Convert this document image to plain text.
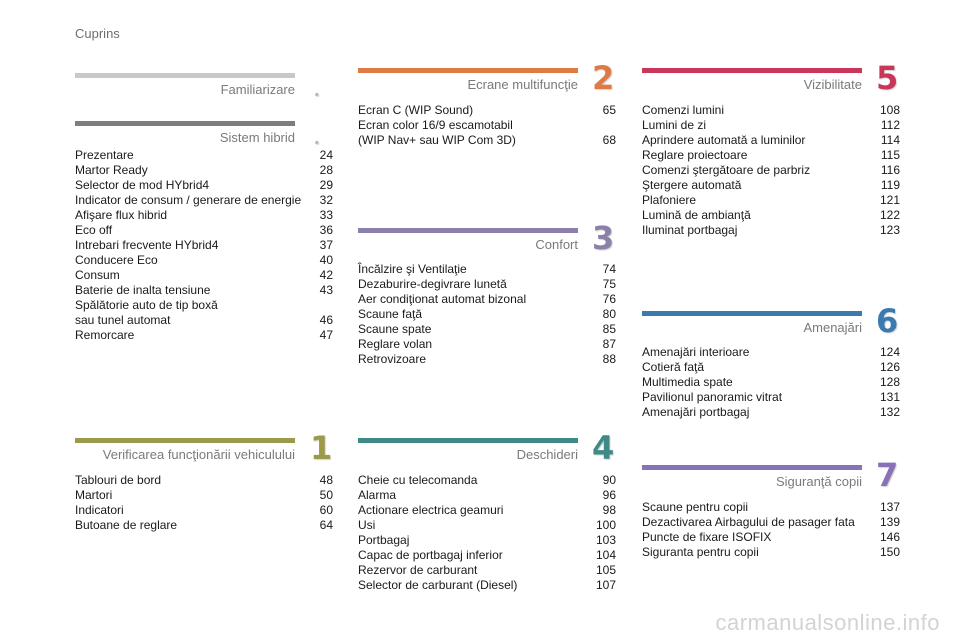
Cuprins
Familiarizare .
Sistem hibrid .
Prezentare	24
Martor Ready	28
Selector de mod HYbrid4	29
Indicator de consum / generare de energie	32
Afişare flux hibrid	33
Eco off	36
Intrebari frecvente HYbrid4	37
Conducere Eco	40
Consum	42
Baterie de inalta tensiune	43
Spălătorie auto de tip boxă
sau tunel automat	46
Remorcare	47
Verificarea funcţionării vehiculului 1
Tablouri de bord	48
Martori	50
Indicatori	60
Butoane de reglare	64
Ecrane multifuncţie 2
Ecran C (WIP Sound)	65
Ecran color 16/9 escamotabil
(WIP Nav+ sau WIP Com 3D)	68
Confort 3
Încălzire şi Ventilaţie	74
Dezaburire-degivrare lunetă	75
Aer condiţionat automat bizonal	76
Scaune faţă	80
Scaune spate	85
Reglare volan	87
Retrovizoare	88
Deschideri 4
Cheie cu telecomanda	90
Alarma	96
Actionare electrica geamuri	98
Usi	100
Portbagaj	103
Capac de portbagaj inferior	104
Rezervor de carburant	105
Selector de carburant (Diesel)	107
Vizibilitate 5
Comenzi lumini	108
Lumini de zi	112
Aprindere automată a luminilor	114
Reglare proiectoare	115
Comenzi ştergătoare de parbriz	116
Ştergere automată	119
Plafoniere	121
Lumină de ambianţă	122
Iluminat portbagaj	123
Amenajări 6
Amenajări interioare	124
Cotieră faţă	126
Multimedia spate	128
Pavilionul panoramic vitrat	131
Amenajări portbagaj	132
Siguranţă copii 7
Scaune pentru copii	137
Dezactivarea Airbagului de pasager fata	139
Puncte de fixare ISOFIX	146
Siguranta pentru copii	150
carmanualsonline.info
